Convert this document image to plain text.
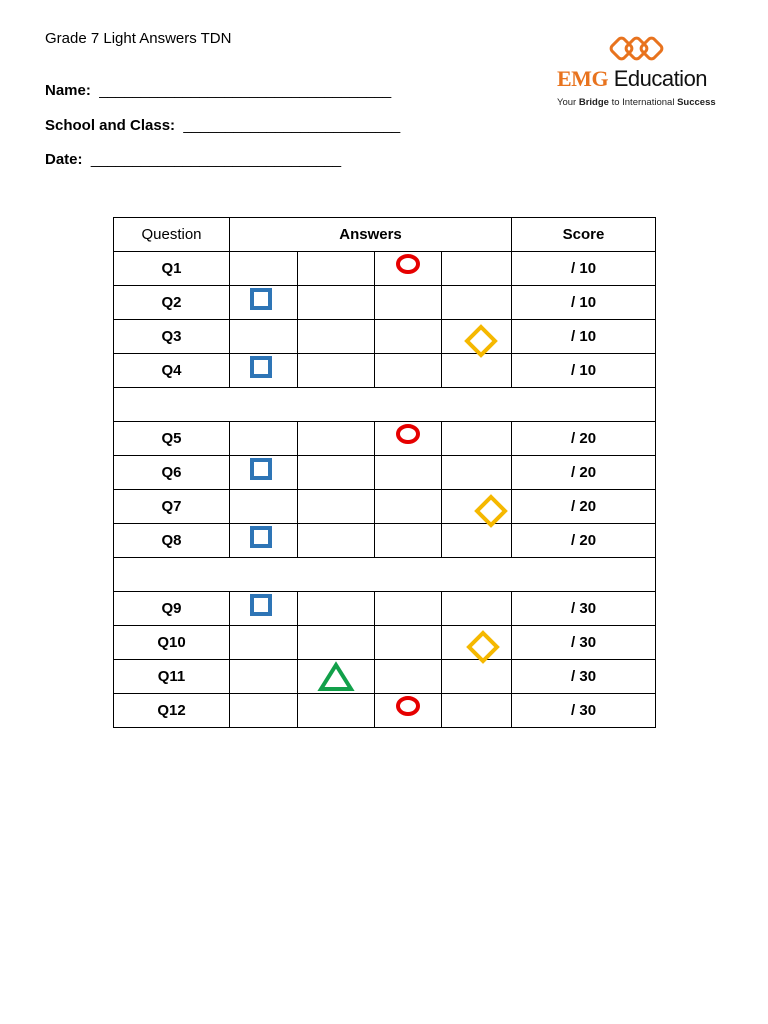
Grade 7 Light Answers TDN
Name: ___________________________________
School and Class: __________________________
Date: ______________________________
EMG Education
Your Bridge to International Success
Question	Answers				Score
Q1					/ 10
Q2					/ 10
Q3					/ 10
Q4					/ 10

Q5					/ 20
Q6					/ 20
Q7					/ 20
Q8					/ 20

Q9					/ 30
Q10					/ 30
Q11					/ 30
Q12					/ 30
